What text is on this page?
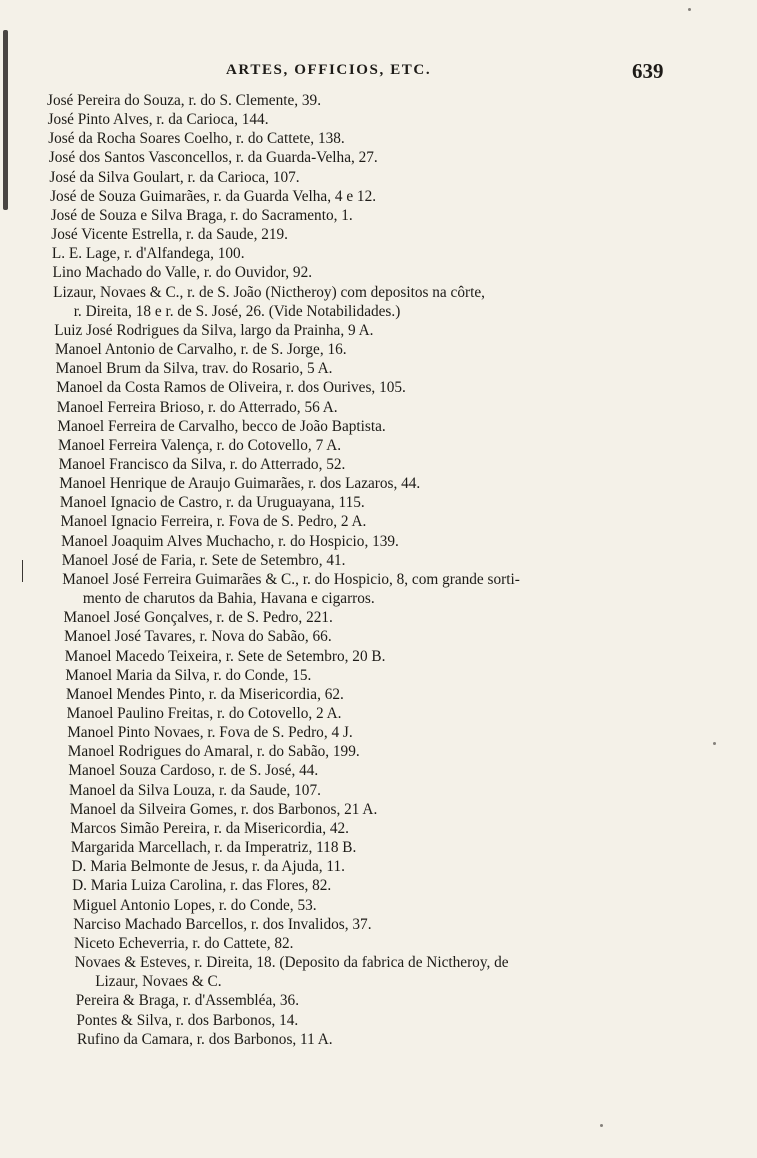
ARTES, OFFICIOS, ETC.	639
José Pereira do Souza, r. do S. Clemente, 39.
José Pinto Alves, r. da Carioca, 144.
José da Rocha Soares Coelho, r. do Cattete, 138.
José dos Santos Vasconcellos, r. da Guarda-Velha, 27.
José da Silva Goulart, r. da Carioca, 107.
José de Souza Guimarães, r. da Guarda Velha, 4 e 12.
José de Souza e Silva Braga, r. do Sacramento, 1.
José Vicente Estrella, r. da Saude, 219.
L. E. Lage, r. d'Alfandega, 100.
Lino Machado do Valle, r. do Ouvidor, 92.
Lizaur, Novaes & C., r. de S. João (Nictheroy) com depositos na côrte,
r. Direita, 18 e r. de S. José, 26. (Vide Notabilidades.)
Luiz José Rodrigues da Silva, largo da Prainha, 9 A.
Manoel Antonio de Carvalho, r. de S. Jorge, 16.
Manoel Brum da Silva, trav. do Rosario, 5 A.
Manoel da Costa Ramos de Oliveira, r. dos Ourives, 105.
Manoel Ferreira Brioso, r. do Atterrado, 56 A.
Manoel Ferreira de Carvalho, becco de João Baptista.
Manoel Ferreira Valença, r. do Cotovello, 7 A.
Manoel Francisco da Silva, r. do Atterrado, 52.
Manoel Henrique de Araujo Guimarães, r. dos Lazaros, 44.
Manoel Ignacio de Castro, r. da Uruguayana, 115.
Manoel Ignacio Ferreira, r. Fova de S. Pedro, 2 A.
Manoel Joaquim Alves Muchacho, r. do Hospicio, 139.
Manoel José de Faria, r. Sete de Setembro, 41.
Manoel José Ferreira Guimarães & C., r. do Hospicio, 8, com grande sorti-
mento de charutos da Bahia, Havana e cigarros.
Manoel José Gonçalves, r. de S. Pedro, 221.
Manoel José Tavares, r. Nova do Sabão, 66.
Manoel Macedo Teixeira, r. Sete de Setembro, 20 B.
Manoel Maria da Silva, r. do Conde, 15.
Manoel Mendes Pinto, r. da Misericordia, 62.
Manoel Paulino Freitas, r. do Cotovello, 2 A.
Manoel Pinto Novaes, r. Fova de S. Pedro, 4 J.
Manoel Rodrigues do Amaral, r. do Sabão, 199.
Manoel Souza Cardoso, r. de S. José, 44.
Manoel da Silva Louza, r. da Saude, 107.
Manoel da Silveira Gomes, r. dos Barbonos, 21 A.
Marcos Simão Pereira, r. da Misericordia, 42.
Margarida Marcellach, r. da Imperatriz, 118 B.
D. Maria Belmonte de Jesus, r. da Ajuda, 11.
D. Maria Luiza Carolina, r. das Flores, 82.
Miguel Antonio Lopes, r. do Conde, 53.
Narciso Machado Barcellos, r. dos Invalidos, 37.
Niceto Echeverria, r. do Cattete, 82.
Novaes & Esteves, r. Direita, 18. (Deposito da fabrica de Nictheroy, de
Lizaur, Novaes & C.
Pereira & Braga, r. d'Assembléa, 36.
Pontes & Silva, r. dos Barbonos, 14.
Rufino da Camara, r. dos Barbonos, 11 A.
